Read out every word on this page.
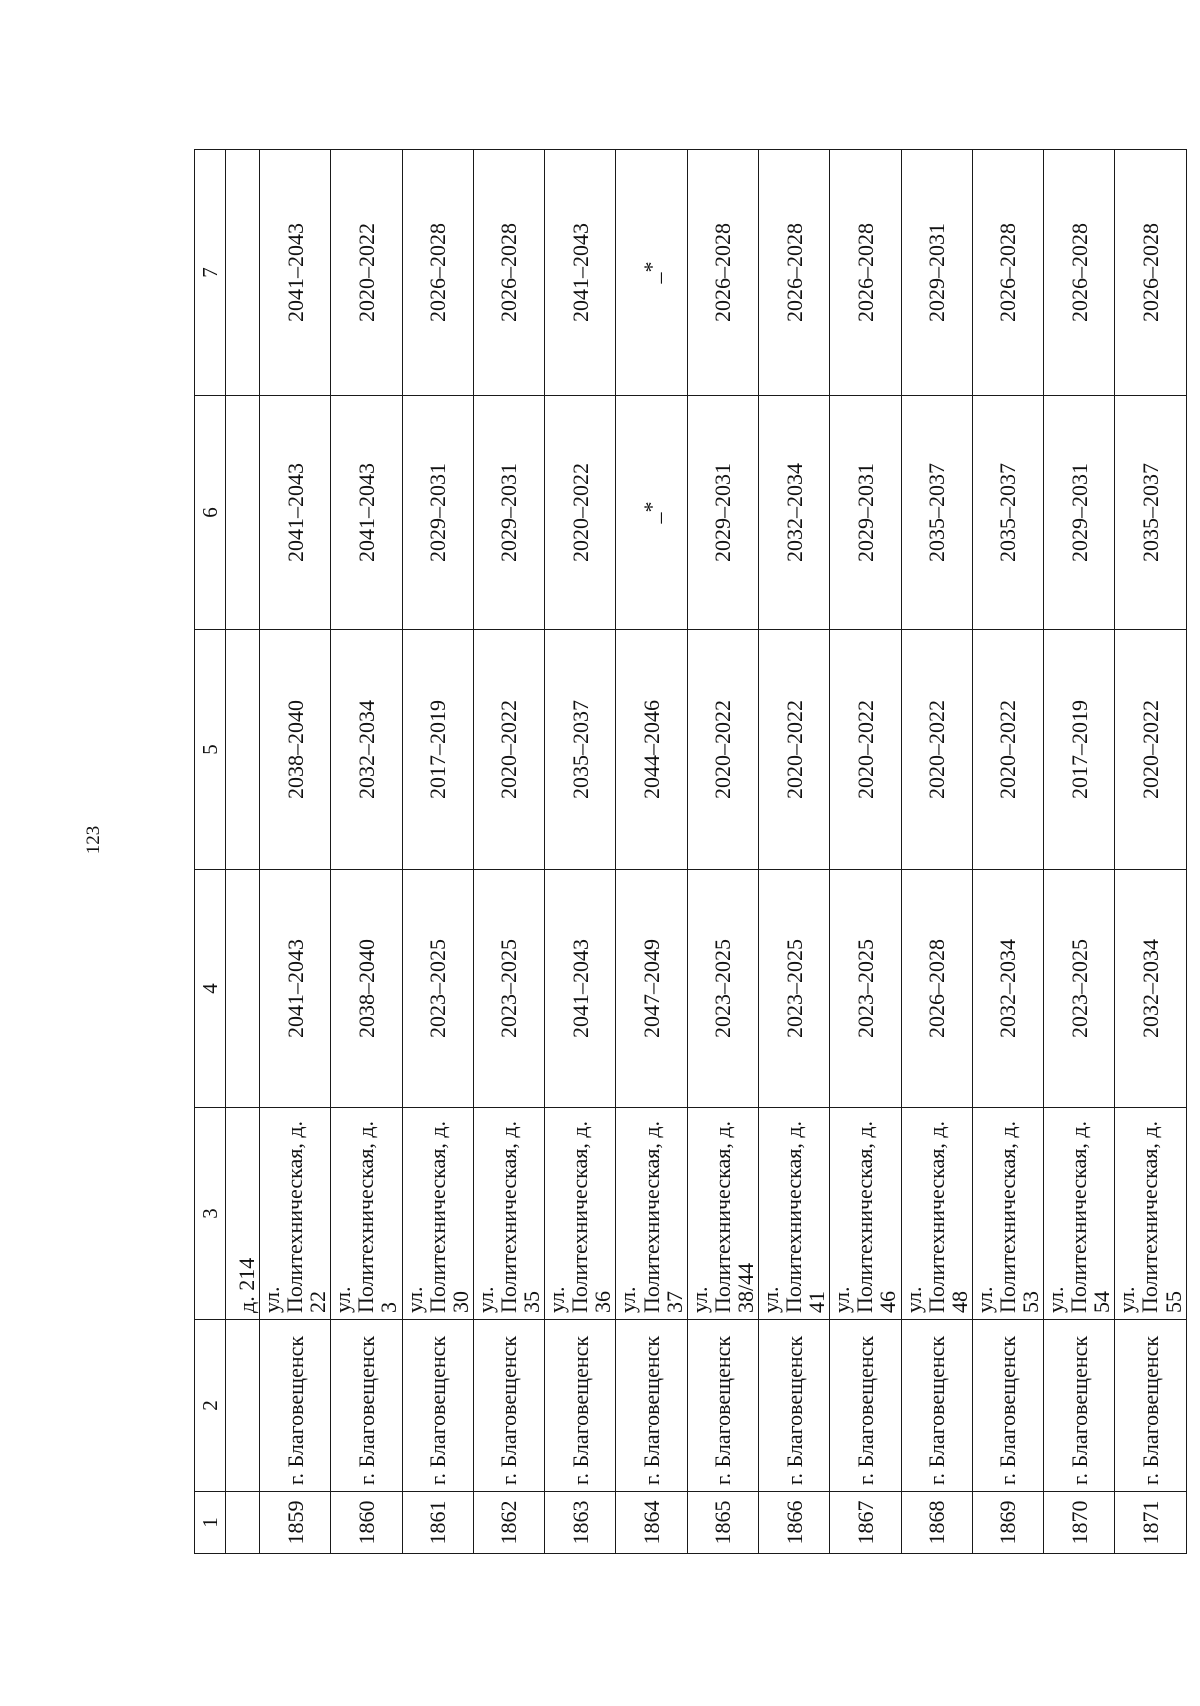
123
1	2	3	4	5	6	7
		д. 214				
1859	г. Благовещенск	ул. Политехническая, д. 22	2041–2043	2038–2040	2041–2043	2041–2043
1860	г. Благовещенск	ул. Политехническая, д. 3	2038–2040	2032–2034	2041–2043	2020–2022
1861	г. Благовещенск	ул. Политехническая, д. 30	2023–2025	2017–2019	2029–2031	2026–2028
1862	г. Благовещенск	ул. Политехническая, д. 35	2023–2025	2020–2022	2029–2031	2026–2028
1863	г. Благовещенск	ул. Политехническая, д. 36	2041–2043	2035–2037	2020–2022	2041–2043
1864	г. Благовещенск	ул. Политехническая, д. 37	2047–2049	2044–2046	_*	_*
1865	г. Благовещенск	ул. Политехническая, д. 38/44	2023–2025	2020–2022	2029–2031	2026–2028
1866	г. Благовещенск	ул. Политехническая, д. 41	2023–2025	2020–2022	2032–2034	2026–2028
1867	г. Благовещенск	ул. Политехническая, д. 46	2023–2025	2020–2022	2029–2031	2026–2028
1868	г. Благовещенск	ул. Политехническая, д. 48	2026–2028	2020–2022	2035–2037	2029–2031
1869	г. Благовещенск	ул. Политехническая, д. 53	2032–2034	2020–2022	2035–2037	2026–2028
1870	г. Благовещенск	ул. Политехническая, д. 54	2023–2025	2017–2019	2029–2031	2026–2028
1871	г. Благовещенск	ул. Политехническая, д. 55	2032–2034	2020–2022	2035–2037	2026–2028
